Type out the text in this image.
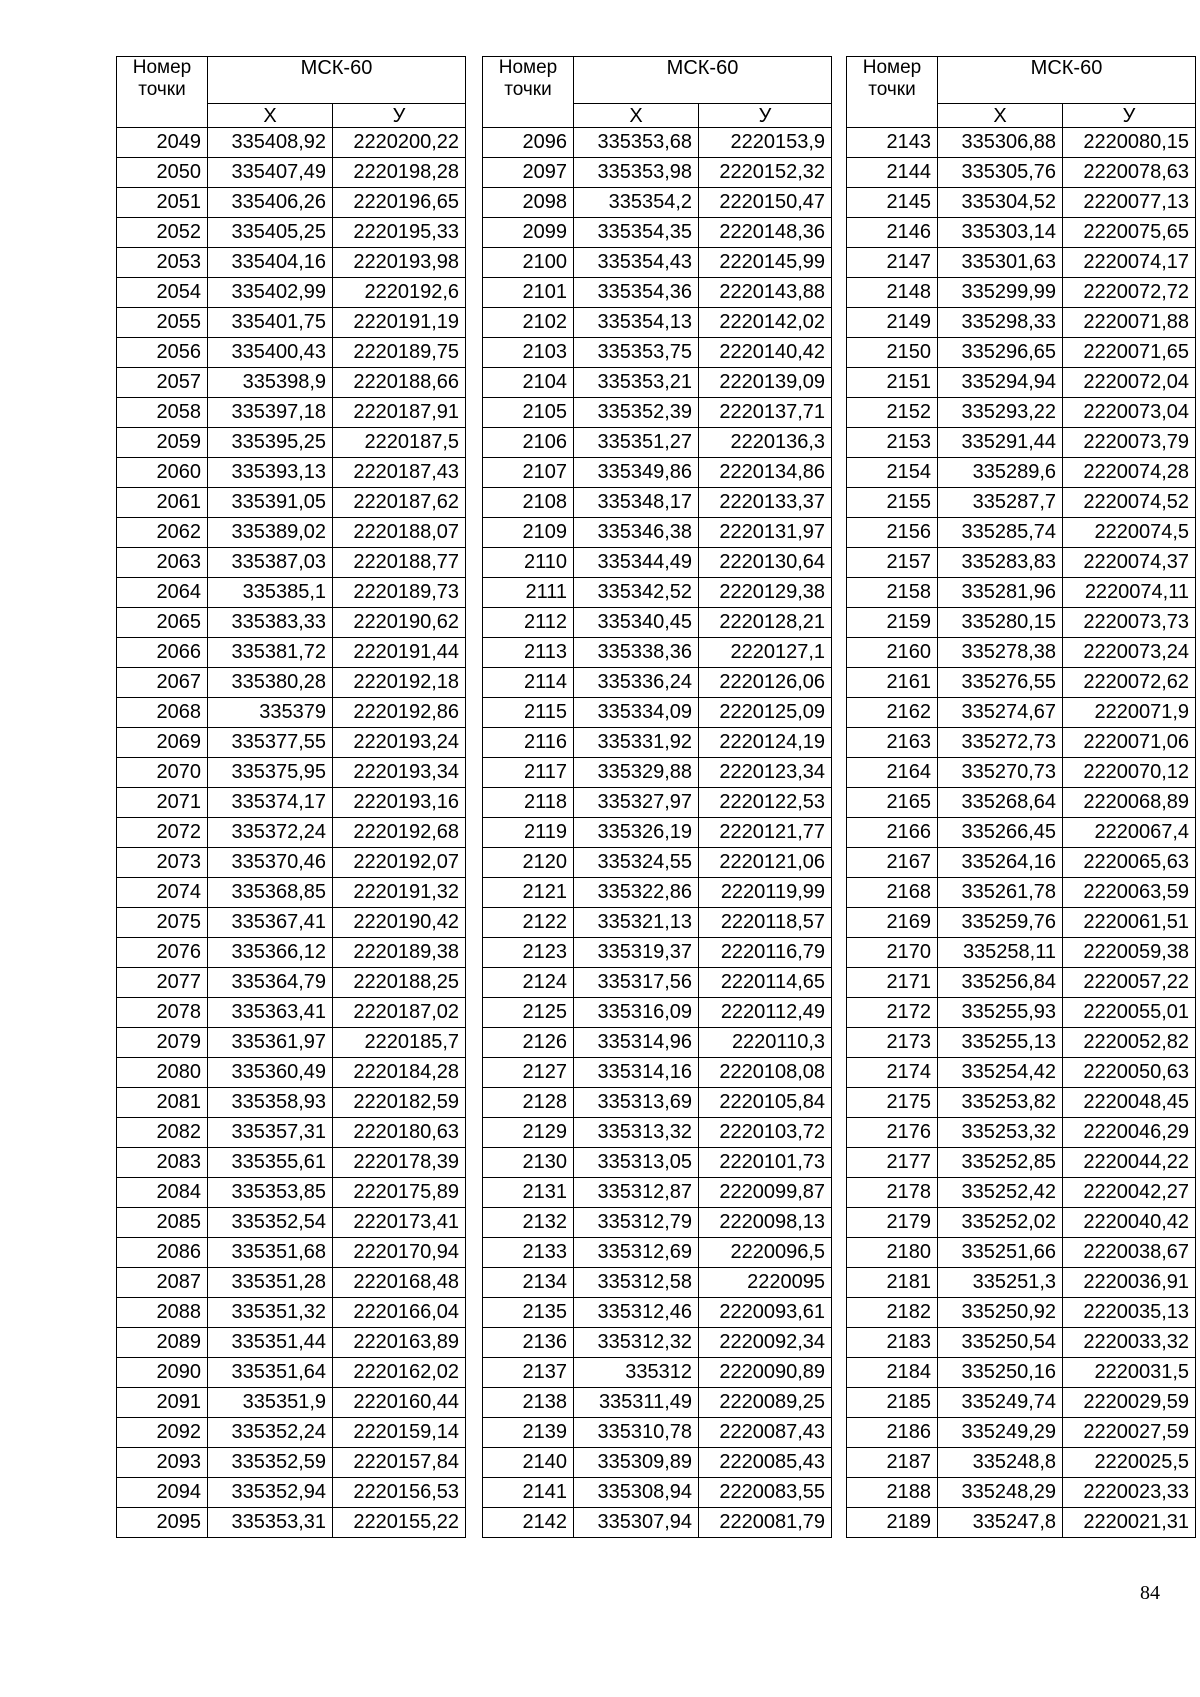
Номер точки	МСК-60	
	Х	У
2049	335408,92	2220200,22
2050	335407,49	2220198,28
2051	335406,26	2220196,65
2052	335405,25	2220195,33
2053	335404,16	2220193,98
2054	335402,99	2220192,6
2055	335401,75	2220191,19
2056	335400,43	2220189,75
2057	335398,9	2220188,66
2058	335397,18	2220187,91
2059	335395,25	2220187,5
2060	335393,13	2220187,43
2061	335391,05	2220187,62
2062	335389,02	2220188,07
2063	335387,03	2220188,77
2064	335385,1	2220189,73
2065	335383,33	2220190,62
2066	335381,72	2220191,44
2067	335380,28	2220192,18
2068	335379	2220192,86
2069	335377,55	2220193,24
2070	335375,95	2220193,34
2071	335374,17	2220193,16
2072	335372,24	2220192,68
2073	335370,46	2220192,07
2074	335368,85	2220191,32
2075	335367,41	2220190,42
2076	335366,12	2220189,38
2077	335364,79	2220188,25
2078	335363,41	2220187,02
2079	335361,97	2220185,7
2080	335360,49	2220184,28
2081	335358,93	2220182,59
2082	335357,31	2220180,63
2083	335355,61	2220178,39
2084	335353,85	2220175,89
2085	335352,54	2220173,41
2086	335351,68	2220170,94
2087	335351,28	2220168,48
2088	335351,32	2220166,04
2089	335351,44	2220163,89
2090	335351,64	2220162,02
2091	335351,9	2220160,44
2092	335352,24	2220159,14
2093	335352,59	2220157,84
2094	335352,94	2220156,53
2095	335353,31	2220155,22
Номер точки	МСК-60	
	Х	У
2096	335353,68	2220153,9
2097	335353,98	2220152,32
2098	335354,2	2220150,47
2099	335354,35	2220148,36
2100	335354,43	2220145,99
2101	335354,36	2220143,88
2102	335354,13	2220142,02
2103	335353,75	2220140,42
2104	335353,21	2220139,09
2105	335352,39	2220137,71
2106	335351,27	2220136,3
2107	335349,86	2220134,86
2108	335348,17	2220133,37
2109	335346,38	2220131,97
2110	335344,49	2220130,64
2111	335342,52	2220129,38
2112	335340,45	2220128,21
2113	335338,36	2220127,1
2114	335336,24	2220126,06
2115	335334,09	2220125,09
2116	335331,92	2220124,19
2117	335329,88	2220123,34
2118	335327,97	2220122,53
2119	335326,19	2220121,77
2120	335324,55	2220121,06
2121	335322,86	2220119,99
2122	335321,13	2220118,57
2123	335319,37	2220116,79
2124	335317,56	2220114,65
2125	335316,09	2220112,49
2126	335314,96	2220110,3
2127	335314,16	2220108,08
2128	335313,69	2220105,84
2129	335313,32	2220103,72
2130	335313,05	2220101,73
2131	335312,87	2220099,87
2132	335312,79	2220098,13
2133	335312,69	2220096,5
2134	335312,58	2220095
2135	335312,46	2220093,61
2136	335312,32	2220092,34
2137	335312	2220090,89
2138	335311,49	2220089,25
2139	335310,78	2220087,43
2140	335309,89	2220085,43
2141	335308,94	2220083,55
2142	335307,94	2220081,79
Номер точки	МСК-60	
	Х	У
2143	335306,88	2220080,15
2144	335305,76	2220078,63
2145	335304,52	2220077,13
2146	335303,14	2220075,65
2147	335301,63	2220074,17
2148	335299,99	2220072,72
2149	335298,33	2220071,88
2150	335296,65	2220071,65
2151	335294,94	2220072,04
2152	335293,22	2220073,04
2153	335291,44	2220073,79
2154	335289,6	2220074,28
2155	335287,7	2220074,52
2156	335285,74	2220074,5
2157	335283,83	2220074,37
2158	335281,96	2220074,11
2159	335280,15	2220073,73
2160	335278,38	2220073,24
2161	335276,55	2220072,62
2162	335274,67	2220071,9
2163	335272,73	2220071,06
2164	335270,73	2220070,12
2165	335268,64	2220068,89
2166	335266,45	2220067,4
2167	335264,16	2220065,63
2168	335261,78	2220063,59
2169	335259,76	2220061,51
2170	335258,11	2220059,38
2171	335256,84	2220057,22
2172	335255,93	2220055,01
2173	335255,13	2220052,82
2174	335254,42	2220050,63
2175	335253,82	2220048,45
2176	335253,32	2220046,29
2177	335252,85	2220044,22
2178	335252,42	2220042,27
2179	335252,02	2220040,42
2180	335251,66	2220038,67
2181	335251,3	2220036,91
2182	335250,92	2220035,13
2183	335250,54	2220033,32
2184	335250,16	2220031,5
2185	335249,74	2220029,59
2186	335249,29	2220027,59
2187	335248,8	2220025,5
2188	335248,29	2220023,33
2189	335247,8	2220021,31
84
